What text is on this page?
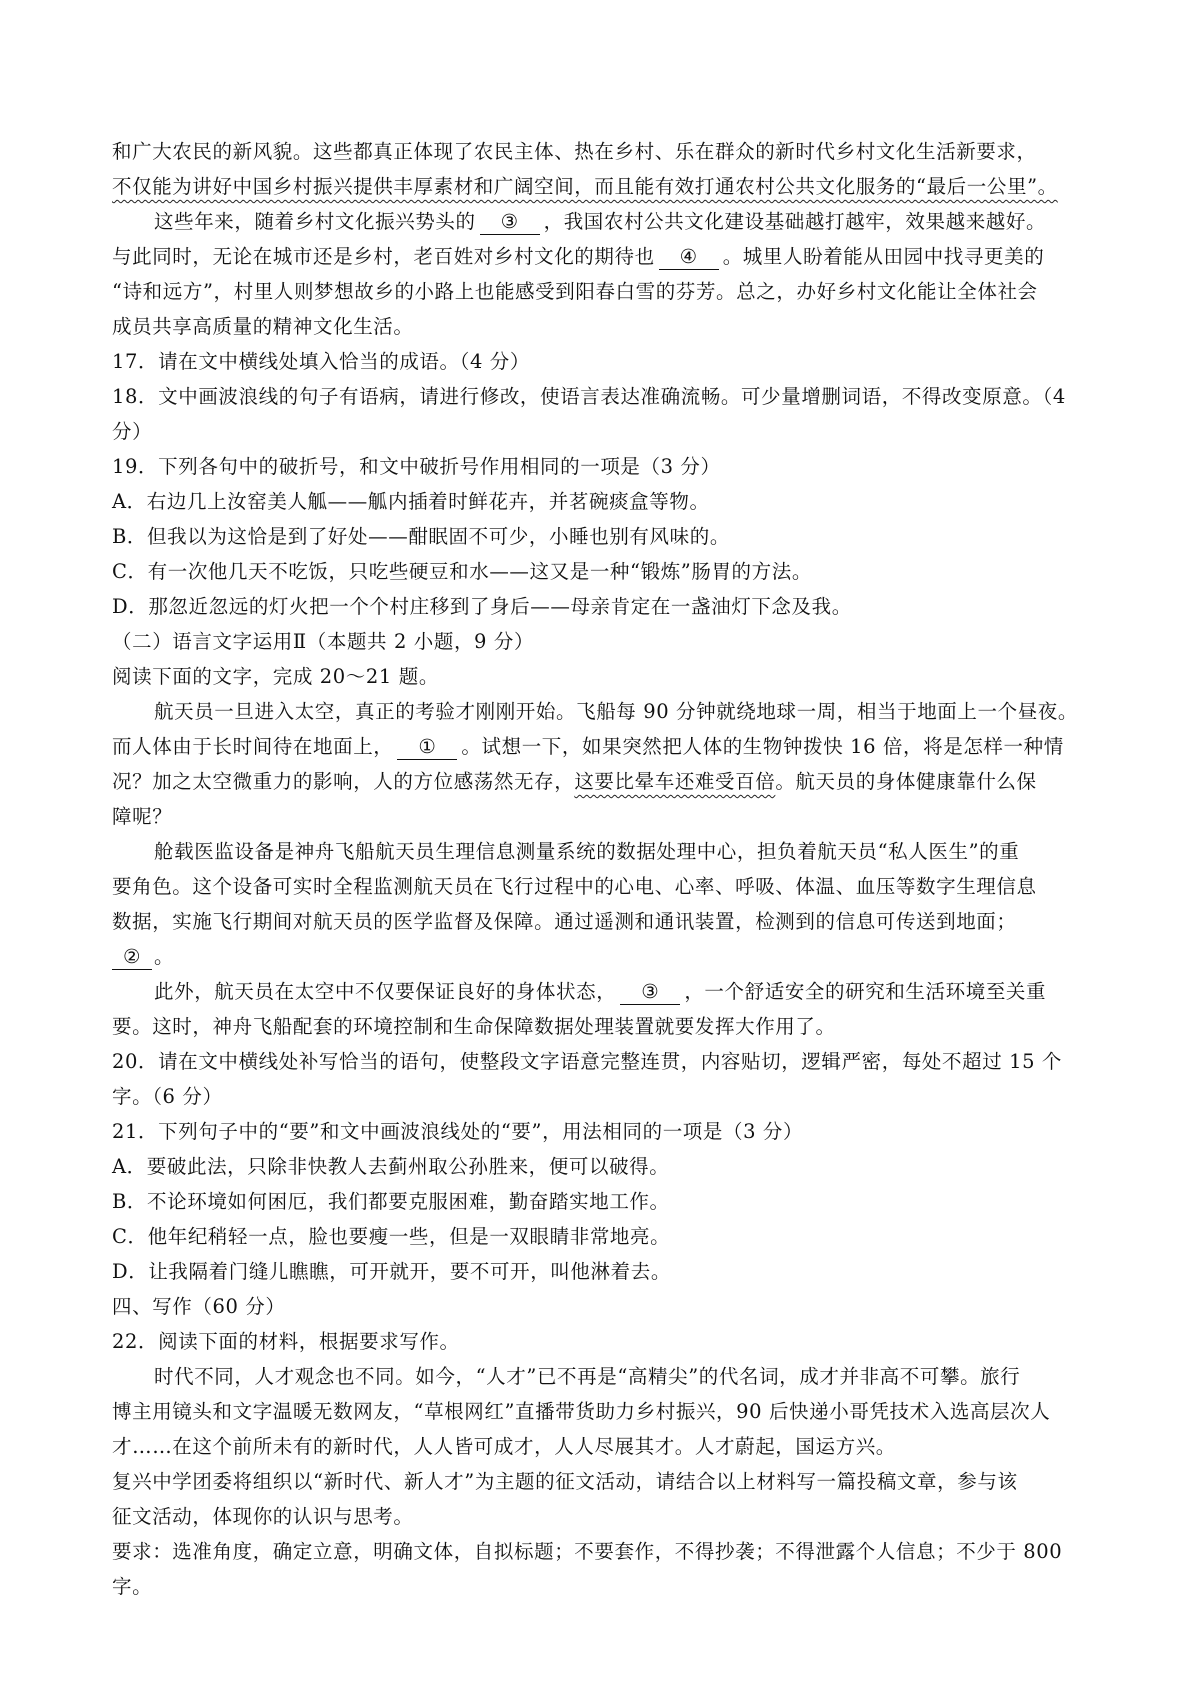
和广大农民的新风貌。这些都真正体现了农民主体、热在乡村、乐在群众的新时代乡村文化生活新要求，
不仅能为讲好中国乡村振兴提供丰厚素材和广阔空间，而且能有效打通农村公共文化服务的“最后一公里”。
这些年来，随着乡村文化振兴势头的 ③ ，我国农村公共文化建设基础越打越牢，效果越来越好。
与此同时，无论在城市还是乡村，老百姓对乡村文化的期待也 ④ 。城里人盼着能从田园中找寻更美的
“诗和远方”，村里人则梦想故乡的小路上也能感受到阳春白雪的芬芳。总之，办好乡村文化能让全体社会
成员共享高质量的精神文化生活。
17．请在文中横线处填入恰当的成语。（4 分）
18．文中画波浪线的句子有语病，请进行修改，使语言表达准确流畅。可少量增删词语，不得改变原意。（4
分）
19．下列各句中的破折号，和文中破折号作用相同的一项是（3 分）
A．右边几上汝窑美人觚——觚内插着时鲜花卉，并茗碗痰盒等物。
B．但我以为这恰是到了好处——酣眠固不可少，小睡也别有风味的。
C．有一次他几天不吃饭，只吃些硬豆和水——这又是一种“锻炼”肠胃的方法。
D．那忽近忽远的灯火把一个个村庄移到了身后——母亲肯定在一盏油灯下念及我。
（二）语言文字运用Ⅱ（本题共 2 小题，9 分）
阅读下面的文字，完成 20～21 题。
航天员一旦进入太空，真正的考验才刚刚开始。飞船每 90 分钟就绕地球一周，相当于地面上一个昼夜。
而人体由于长时间待在地面上， ① 。试想一下，如果突然把人体的生物钟拨快 16 倍，将是怎样一种情
况？加之太空微重力的影响，人的方位感荡然无存，这要比晕车还难受百倍。航天员的身体健康靠什么保
障呢？
舱载医监设备是神舟飞船航天员生理信息测量系统的数据处理中心，担负着航天员“私人医生”的重
要角色。这个设备可实时全程监测航天员在飞行过程中的心电、心率、呼吸、体温、血压等数字生理信息
数据，实施飞行期间对航天员的医学监督及保障。通过遥测和通讯装置，检测到的信息可传送到地面；
② 。
此外，航天员在太空中不仅要保证良好的身体状态， ③ ，一个舒适安全的研究和生活环境至关重
要。这时，神舟飞船配套的环境控制和生命保障数据处理装置就要发挥大作用了。
20．请在文中横线处补写恰当的语句，使整段文字语意完整连贯，内容贴切，逻辑严密，每处不超过 15 个
字。（6 分）
21．下列句子中的“要”和文中画波浪线处的“要”，用法相同的一项是（3 分）
A．要破此法，只除非快教人去蓟州取公孙胜来，便可以破得。
B．不论环境如何困厄，我们都要克服困难，勤奋踏实地工作。
C．他年纪稍轻一点，脸也要瘦一些，但是一双眼睛非常地亮。
D．让我隔着门缝儿瞧瞧，可开就开，要不可开，叫他淋着去。
四、写作（60 分）
22．阅读下面的材料，根据要求写作。
时代不同，人才观念也不同。如今，“人才”已不再是“高精尖”的代名词，成才并非高不可攀。旅行
博主用镜头和文字温暖无数网友，“草根网红”直播带货助力乡村振兴，90 后快递小哥凭技术入选高层次人
才……在这个前所未有的新时代，人人皆可成才，人人尽展其才。人才蔚起，国运方兴。
复兴中学团委将组织以“新时代、新人才”为主题的征文活动，请结合以上材料写一篇投稿文章，参与该
征文活动，体现你的认识与思考。
要求：选准角度，确定立意，明确文体，自拟标题；不要套作，不得抄袭；不得泄露个人信息；不少于 800
字。
